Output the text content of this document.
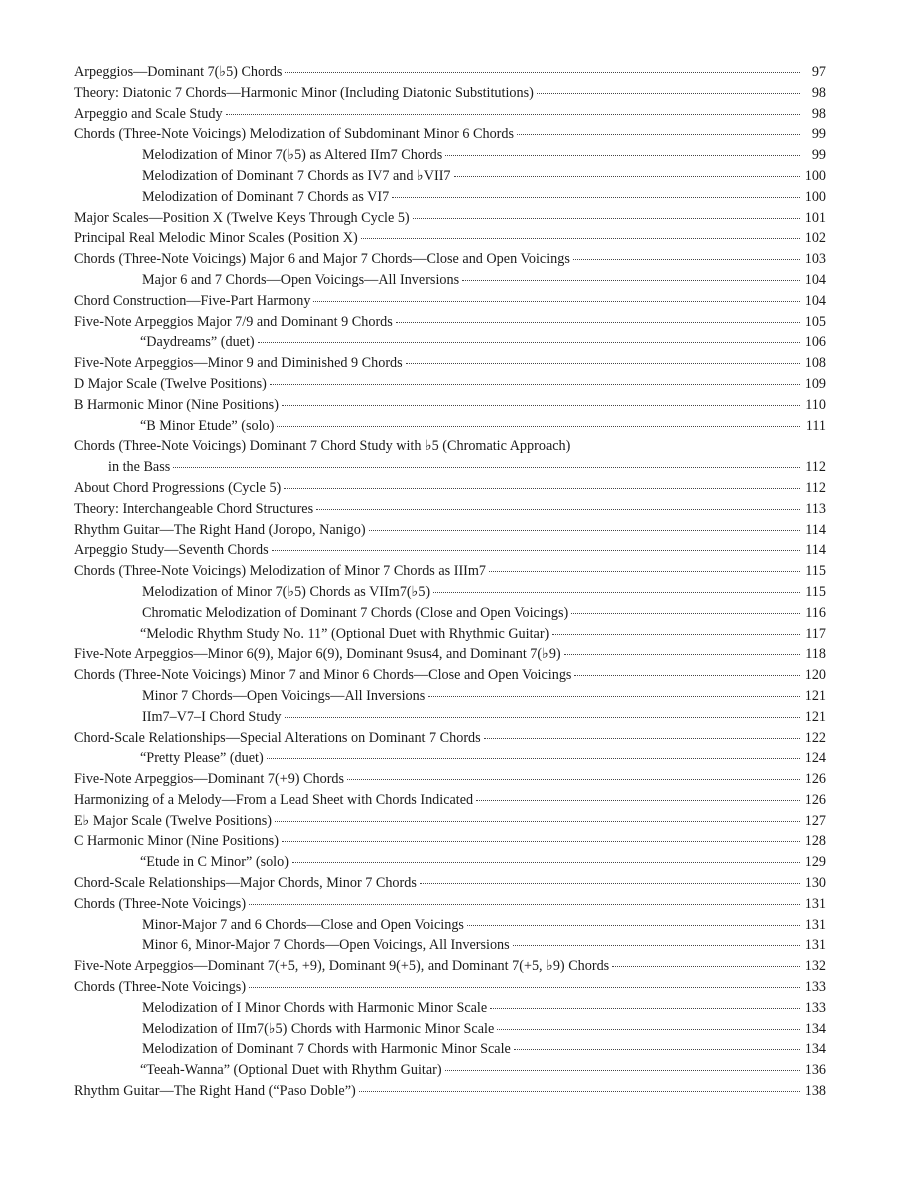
Arpeggios—Dominant 7(♭5) Chords	97
Theory: Diatonic 7 Chords—Harmonic Minor (Including Diatonic Substitutions)	98
Arpeggio and Scale Study	98
Chords (Three-Note Voicings) Melodization of Subdominant Minor 6 Chords	99
Melodization of Minor 7(♭5) as Altered IIm7 Chords	99
Melodization of Dominant 7 Chords as IV7 and ♭VII7	100
Melodization of Dominant 7 Chords as VI7	100
Major Scales—Position X (Twelve Keys Through Cycle 5)	101
Principal Real Melodic Minor Scales (Position X)	102
Chords (Three-Note Voicings) Major 6 and Major 7 Chords—Close and Open Voicings	103
Major 6 and 7 Chords—Open Voicings—All Inversions	104
Chord Construction—Five-Part Harmony	104
Five-Note Arpeggios Major 7/9 and Dominant 9 Chords	105
“Daydreams” (duet)	106
Five-Note Arpeggios—Minor 9 and Diminished 9 Chords	108
D Major Scale (Twelve Positions)	109
B Harmonic Minor (Nine Positions)	110
“B Minor Etude” (solo)	111
Chords (Three-Note Voicings) Dominant 7 Chord Study with ♭5 (Chromatic Approach)
in the Bass	112
About Chord Progressions (Cycle 5)	112
Theory: Interchangeable Chord Structures	113
Rhythm Guitar—The Right Hand (Joropo, Nanigo)	114
Arpeggio Study—Seventh Chords	114
Chords (Three-Note Voicings) Melodization of Minor 7 Chords as IIIm7	115
Melodization of Minor 7(♭5) Chords as VIIm7(♭5)	115
Chromatic Melodization of Dominant 7 Chords (Close and Open Voicings)	116
“Melodic Rhythm Study No. 11” (Optional Duet with Rhythmic Guitar)	117
Five-Note Arpeggios—Minor 6(9), Major 6(9), Dominant 9sus4, and Dominant 7(♭9)	118
Chords (Three-Note Voicings) Minor 7 and Minor 6 Chords—Close and Open Voicings	120
Minor 7 Chords—Open Voicings—All Inversions	121
IIm7–V7–I Chord Study	121
Chord-Scale Relationships—Special Alterations on Dominant 7 Chords	122
“Pretty Please” (duet)	124
Five-Note Arpeggios—Dominant 7(+9) Chords	126
Harmonizing of a Melody—From a Lead Sheet with Chords Indicated	126
E♭ Major Scale (Twelve Positions)	127
C Harmonic Minor (Nine Positions)	128
“Etude in C Minor” (solo)	129
Chord-Scale Relationships—Major Chords, Minor 7 Chords	130
Chords (Three-Note Voicings)	131
Minor-Major 7 and 6 Chords—Close and Open Voicings	131
Minor 6, Minor-Major 7 Chords—Open Voicings, All Inversions	131
Five-Note Arpeggios—Dominant 7(+5, +9), Dominant 9(+5), and Dominant 7(+5, ♭9) Chords	132
Chords (Three-Note Voicings)	133
Melodization of I Minor Chords with Harmonic Minor Scale	133
Melodization of IIm7(♭5) Chords with Harmonic Minor Scale	134
Melodization of Dominant 7 Chords with Harmonic Minor Scale	134
“Teeah-Wanna” (Optional Duet with Rhythm Guitar)	136
Rhythm Guitar—The Right Hand (“Paso Doble”)	138
